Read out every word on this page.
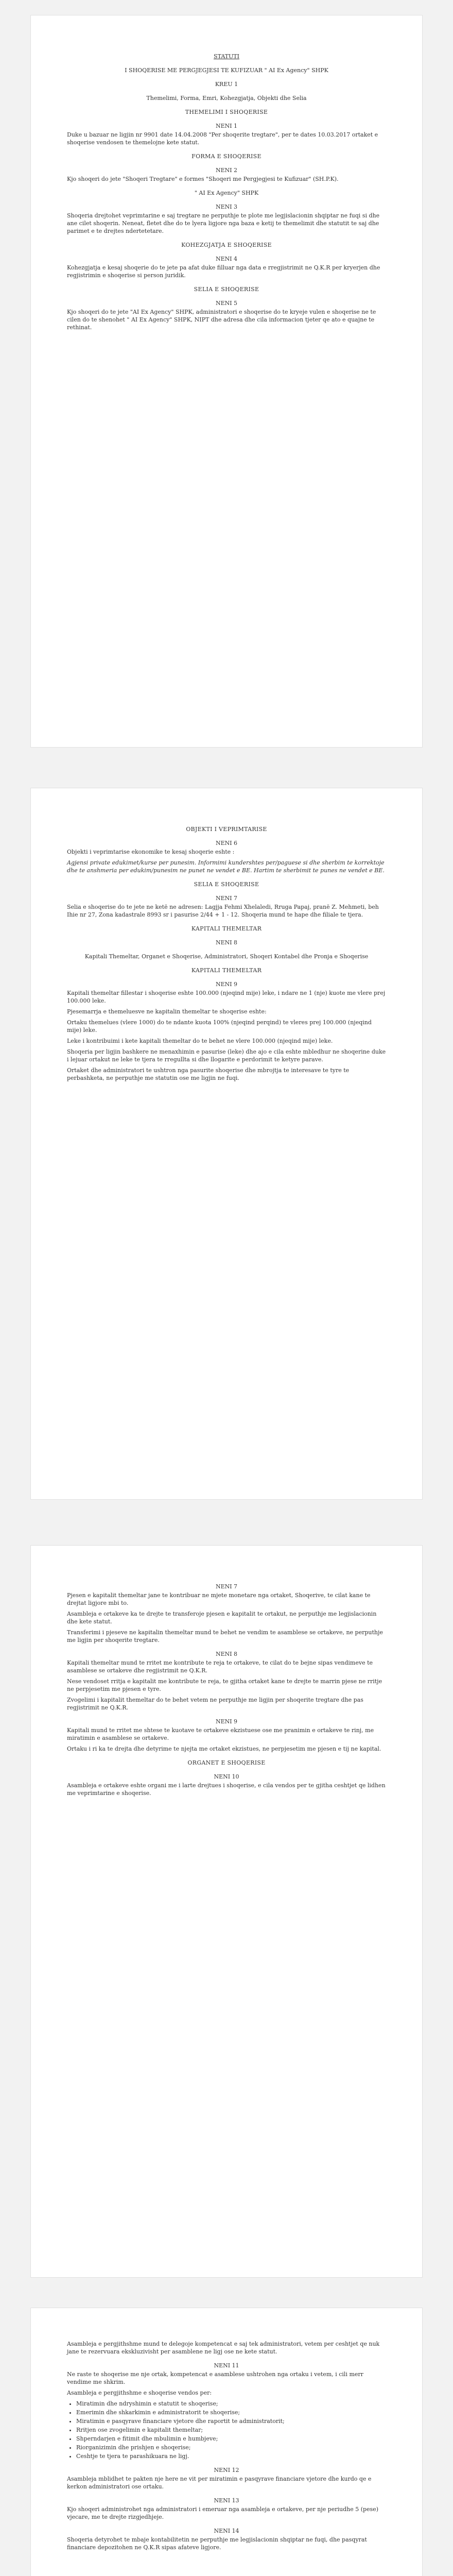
STATUTI
I SHOQERISE ME PERGJEGJESI TE KUFIZUAR " AI Ex Agency" SHPK
KREU 1
Themelimi, Forma, Emri, Kohezgjatja, Objekti dhe Selia
THEMELIMI I SHOQERISE
NENI 1

Duke u bazuar ne ligjin nr 9901 date 14.04.2008 "Per shoqerite tregtare", per te dates 10.03.2017 ortaket e shoqerise vendosen te themelojne kete statut.

FORMA E SHOQERISE
NENI 2

Kjo shoqeri do jete "Shoqeri Tregtare" e formes "Shoqeri me Pergjegjesi te Kufizuar" (SH.P.K).

" AI Ex Agency" SHPK
NENI 3

Shoqeria drejtohet veprimtarine e saj tregtare ne perputhje te plote me legjislacionin shqiptar ne fuqi si dhe ane cilet shoqerin. Neneat, fletet dhe do te lyera ligjore nga baza e ketij te themelimit dhe statutit te saj dhe parimet e te drejtes ndertetetare.

KOHEZGJATJA E SHOQERISE
NENI 4

Kohezgjatja e kesaj shoqerie do te jete pa afat duke filluar nga data e rregjistrimit ne Q.K.R per kryerjen dhe regjistrimin e shoqerise si person juridik.

SELIA E SHOQERISE
NENI 5

Kjo shoqeri do te jete "AI Ex Agency" SHPK, administratori e shoqerise do te kryeje vulen e shoqerise ne te cilen do te shenohet " AI Ex Agency" SHPK, NIPT dhe adresa dhe cila informacion tjeter qe ato e quajne te rethinat.

OBJEKTI I VEPRIMTARISE
NENI 6

Objekti i veprimtarise ekonomike te kesaj shoqerie eshte :

Agjensi private edukimet/kurse per punesim. Informimi kundershtes per/paguese si dhe sherbim te korrektoje dhe te anshmeria per edukim/punesim ne punet ne vendet e BE. Hartim te sherbimit te punes ne vendet e BE.

SELIA E SHOQERISE
NENI 7

Selia e shoqerise do te jete ne ketë ne adresen: Lagjja Fehmi Xhelaledi, Rruga Papaj, pranë Z. Mehmeti, beh Ihie nr 27, Zona kadastrale 8993 sr i pasurise 2/44 + 1 - 12. Shoqeria mund te hape dhe filiale te tjera.

KAPITALI THEMELTAR
NENI 8
Kapitali Themeltar, Organet e Shoqerise, Administratori, Shoqeri Kontabel dhe Pronja e Shoqerise
KAPITALI THEMELTAR
NENI 9

Kapitali themeltar fillestar i shoqerise eshte 100.000 (njeqind mije) leke, i ndare ne 1 (nje) kuote me vlere prej 100.000 leke.

Pjesemarrja e themeluesve ne kapitalin themeltar te shoqerise eshte:

Ortaku themelues (vlere 1000) do te ndante kuota 100% (njeqind perqind) te vleres prej 100.000 (njeqind mije) leke.

Leke i kontribuimi i kete kapitali themeltar do te behet ne vlere 100.000 (njeqind mije) leke.

Shoqeria per ligjin bashkere ne menaxhimin e pasurise (leke) dhe ajo e cila eshte mbledhur ne shoqerine duke i lejuar ortakut ne leke te tjera te rregullta si dhe llogarite e perdorimit te ketyre parave.

Ortaket dhe administratori te ushtron nga pasurite shoqerise dhe mbrojtja te interesave te tyre te perbashketa, ne perputhje me statutin ose me ligjin ne fuqi.

NENI 7

Pjesen e kapitalit themeltar jane te kontribuar ne mjete monetare nga ortaket, Shoqerive, te cilat kane te drejtat ligjore mbi to.

Asambleja e ortakeve ka te drejte te transferoje pjesen e kapitalit te ortakut, ne perputhje me legjislacionin dhe kete statut.

Transferimi i pjeseve ne kapitalin themeltar mund te behet ne vendim te asamblese se ortakeve, ne perputhje me ligjin per shoqerite tregtare.

NENI 8

Kapitali themeltar mund te rritet me kontribute te reja te ortakeve, te cilat do te bejne sipas vendimeve te asamblese se ortakeve dhe regjistrimit ne Q.K.R.

Nese vendoset rritja e kapitalit me kontribute te reja, te gjitha ortaket kane te drejte te marrin pjese ne rritje ne perpjesetim me pjesen e tyre.

Zvogelimi i kapitalit themeltar do te behet vetem ne perputhje me ligjin per shoqerite tregtare dhe pas regjistrimit ne Q.K.R.

NENI 9

Kapitali mund te rritet me shtese te kuotave te ortakeve ekzistuese ose me pranimin e ortakeve te rinj, me miratimin e asamblese se ortakeve.

Ortaku i ri ka te drejta dhe detyrime te njejta me ortaket ekzistues, ne perpjesetim me pjesen e tij ne kapital.

ORGANET E SHOQERISE
NENI 10

Asambleja e ortakeve eshte organi me i larte drejtues i shoqerise, e cila vendos per te gjitha ceshtjet qe lidhen me veprimtarine e shoqerise.

Asambleja e pergjithshme mund te delegoje kompetencat e saj tek administratori, vetem per ceshtjet qe nuk jane te rezervuara ekskluzivisht per asamblene ne ligj ose ne kete statut.

NENI 11

Ne raste te shoqerise me nje ortak, kompetencat e asamblese ushtrohen nga ortaku i vetem, i cili merr vendime me shkrim.

Asambleja e pergjithshme e shoqerise vendos per:

• Miratimin dhe ndryshimin e statutit te shoqerise;
• Emerimin dhe shkarkimin e administratorit te shoqerise;
• Miratimin e pasqyrave financiare vjetore dhe raportit te administratorit;
• Rritjen ose zvogelimin e kapitalit themeltar;
• Shperndarjen e fitimit dhe mbulimin e humbjeve;
• Riorganizimin dhe prishjen e shoqerise;
• Ceshtje te tjera te parashikuara ne ligj.
NENI 12

Asambleja mblidhet te pakten nje here ne vit per miratimin e pasqyrave financiare vjetore dhe kurdo qe e kerkon administratori ose ortaku.

NENI 13

Kjo shoqeri administrohet nga administratori i emeruar nga asambleja e ortakeve, per nje periudhe 5 (pese) vjecare, me te drejte rizgjedhjeje.

NENI 14

Shoqeria detyrohet te mbaje kontabilitetin ne perputhje me legjislacionin shqiptar ne fuqi, dhe pasqyrat financiare depozitohen ne Q.K.R sipas afateve ligjore.
